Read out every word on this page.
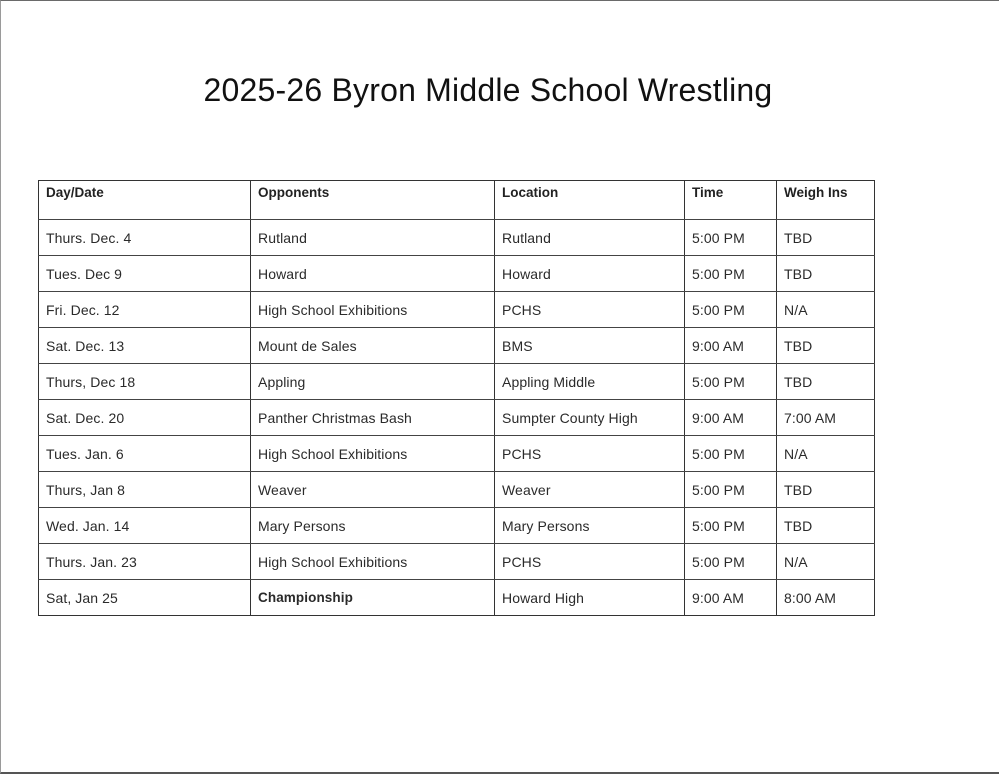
2025-26 Byron Middle School Wrestling
Day/Date	Opponents	Location	Time	Weigh Ins
Thurs. Dec. 4	Rutland	Rutland	5:00 PM	TBD
Tues. Dec 9	Howard	Howard	5:00 PM	TBD
Fri. Dec. 12	High School Exhibitions	PCHS	5:00 PM	N/A
Sat. Dec. 13	Mount de Sales	BMS	9:00 AM	TBD
Thurs, Dec 18	Appling	Appling Middle	5:00 PM	TBD
Sat. Dec. 20	Panther Christmas Bash	Sumpter County High	9:00 AM	7:00 AM
Tues. Jan. 6	High School Exhibitions	PCHS	5:00 PM	N/A
Thurs, Jan 8	Weaver	Weaver	5:00 PM	TBD
Wed. Jan. 14	Mary Persons	Mary Persons	5:00 PM	TBD
Thurs. Jan. 23	High School Exhibitions	PCHS	5:00 PM	N/A
Sat, Jan 25	Championship	Howard High	9:00 AM	8:00 AM
